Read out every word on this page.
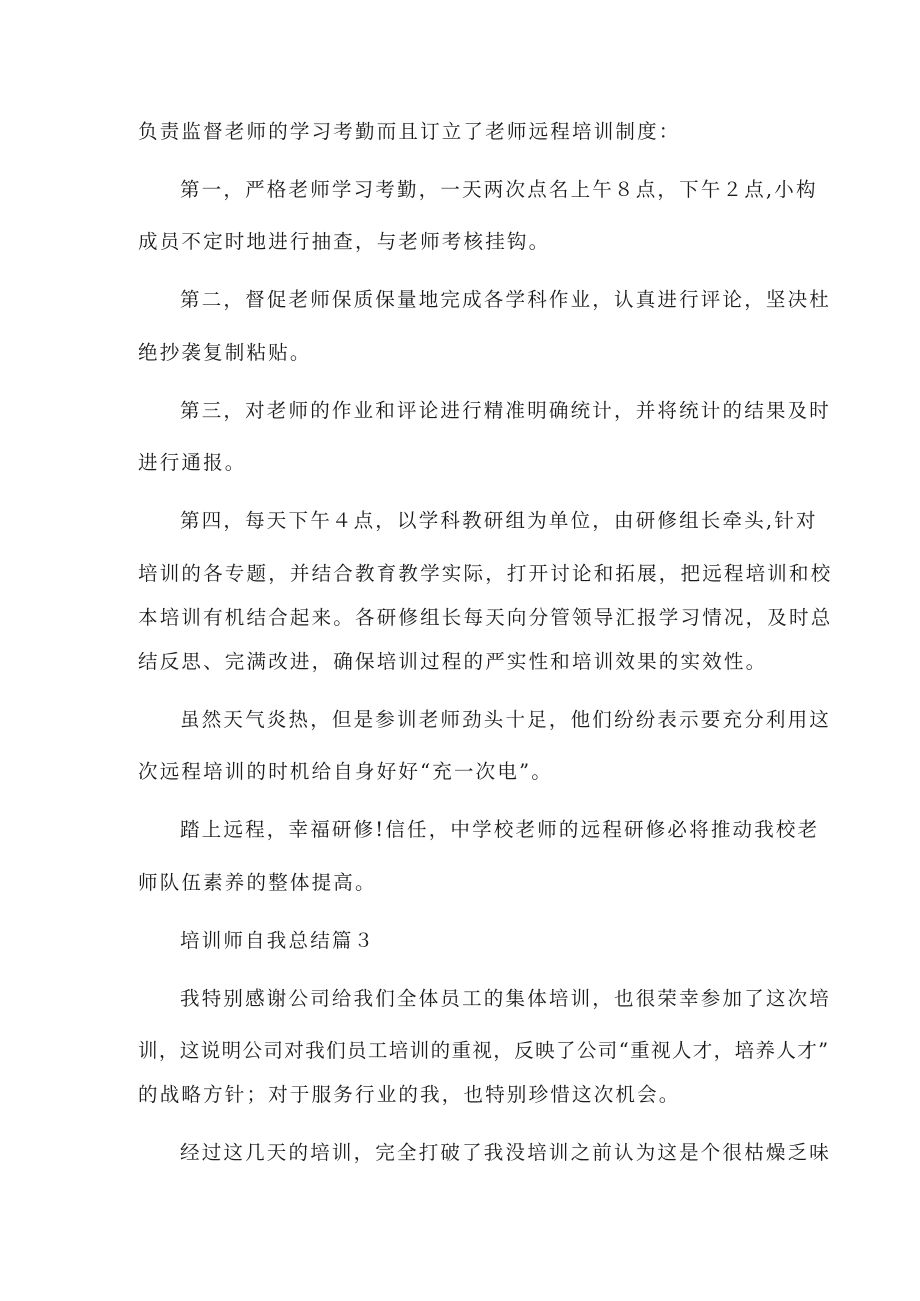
负责监督老师的学习考勤而且订立了老师远程培训制度：

第一，严格老师学习考勤，一天两次点名上午８点，下午２点,小构

成员不定时地进行抽查，与老师考核挂钩。

第二，督促老师保质保量地完成各学科作业，认真进行评论，坚决杜

绝抄袭复制粘贴。

第三，对老师的作业和评论进行精准明确统计，并将统计的结果及时

进行通报。

第四，每天下午４点，以学科教研组为单位，由研修组长牵头,针对

培训的各专题，并结合教育教学实际，打开讨论和拓展，把远程培训和校

本培训有机结合起来。各研修组长每天向分管领导汇报学习情况，及时总

结反思、完满改进，确保培训过程的严实性和培训效果的实效性。

虽然天气炎热，但是参训老师劲头十足，他们纷纷表示要充分利用这

次远程培训的时机给自身好好“充一次电”。

踏上远程，幸福研修!信任，中学校老师的远程研修必将推动我校老

师队伍素养的整体提高。

培训师自我总结篇３

我特别感谢公司给我们全体员工的集体培训，也很荣幸参加了这次培

训，这说明公司对我们员工培训的重视，反映了公司“重视人才，培养人才”

的战略方针；对于服务行业的我，也特别珍惜这次机会。

经过这几天的培训，完全打破了我没培训之前认为这是个很枯燥乏味
